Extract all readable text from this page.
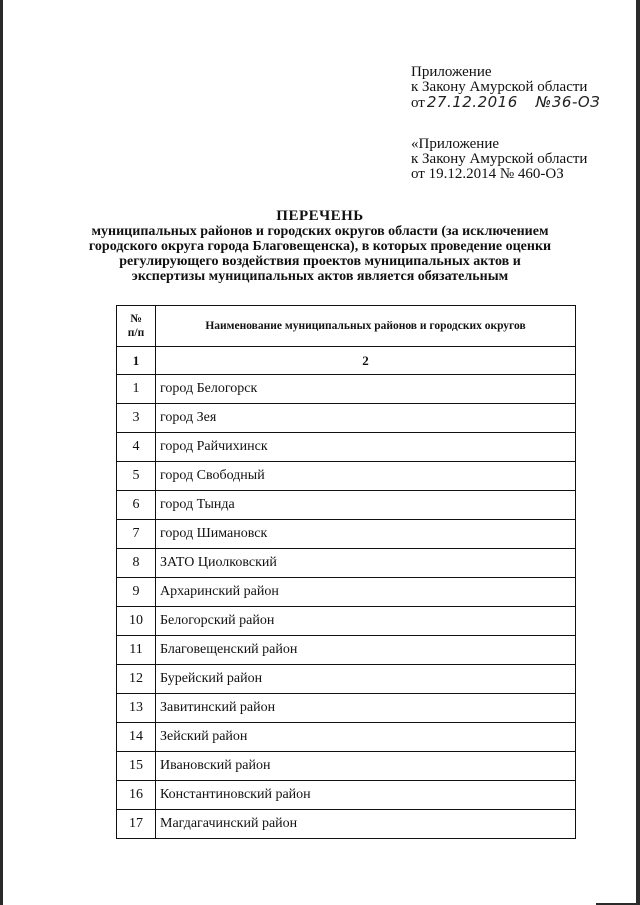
Приложение
к Закону Амурской области
от 27.12.2016 №36-ОЗ
«Приложение
к Закону Амурской области
от 19.12.2014 № 460-ОЗ
ПЕРЕЧЕНЬ
муниципальных районов и городских округов области (за исключением
городского округа города Благовещенска), в которых проведение оценки
регулирующего воздействия проектов муниципальных актов и
экспертизы муниципальных актов является обязательным
№
п/п	Наименование муниципальных районов и городских округов
1	2
1	город Белогорск
3	город Зея
4	город Райчихинск
5	город Свободный
6	город Тында
7	город Шимановск
8	ЗАТО Циолковский
9	Архаринский район
10	Белогорский район
11	Благовещенский район
12	Бурейский район
13	Завитинский район
14	Зейский район
15	Ивановский район
16	Константиновский район
17	Магдагачинский район
